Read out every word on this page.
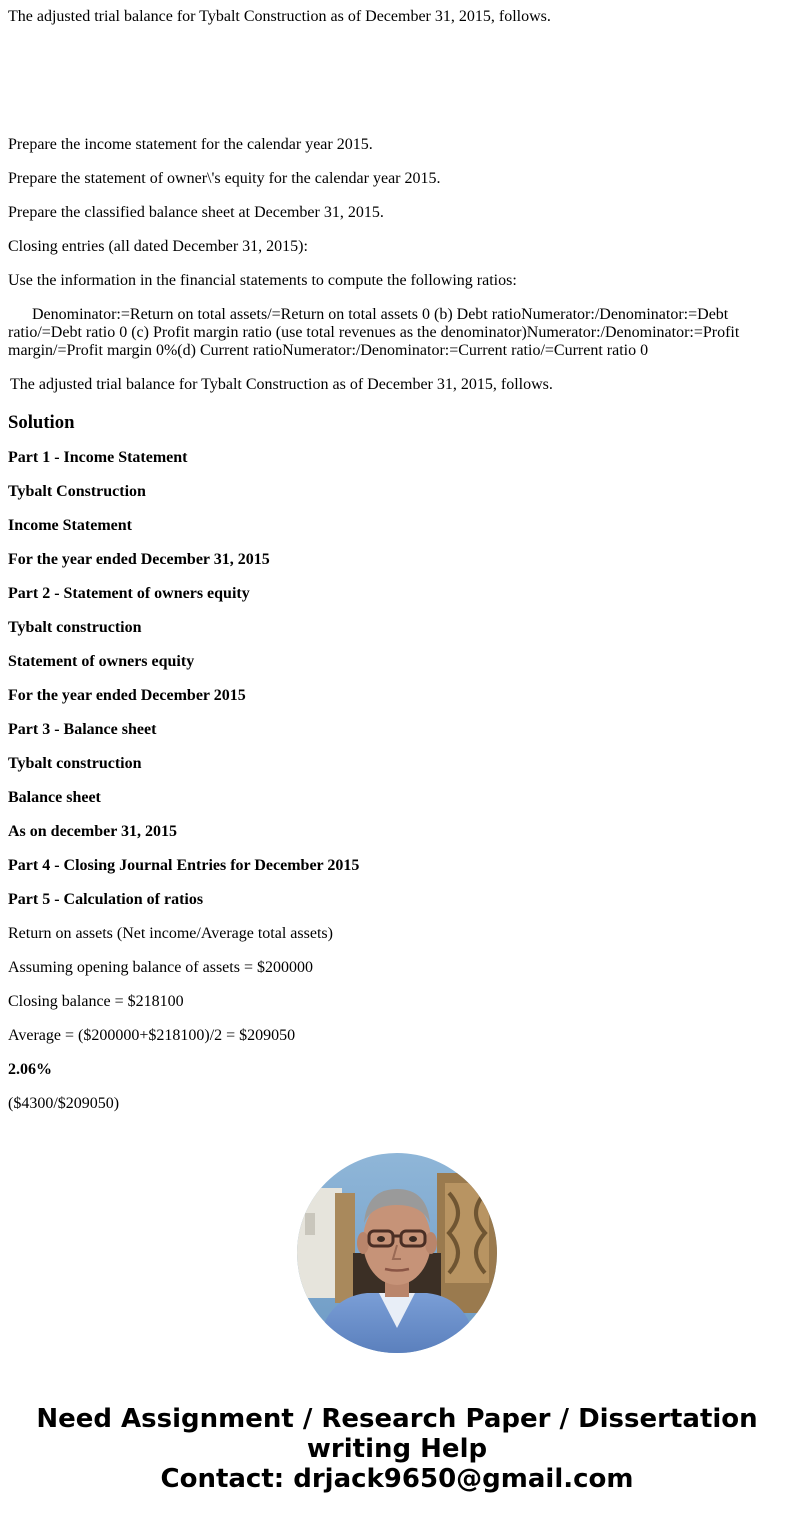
The adjusted trial balance for Tybalt Construction as of December 31, 2015, follows.

Prepare the income statement for the calendar year 2015.

Prepare the statement of owner\'s equity for the calendar year 2015.

Prepare the classified balance sheet at December 31, 2015.

Closing entries (all dated December 31, 2015):

Use the information in the financial statements to compute the following ratios:

Denominator:=Return on total assets/=Return on total assets 0 (b) Debt ratioNumerator:/Denominator:=Debt ratio/=Debt ratio 0 (c) Profit margin ratio (use total revenues as the denominator)Numerator:/Denominator:=Profit margin/=Profit margin 0%(d) Current ratioNumerator:/Denominator:=Current ratio/=Current ratio 0

The adjusted trial balance for Tybalt Construction as of December 31, 2015, follows.

Solution

Part 1 - Income Statement

Tybalt Construction

Income Statement

For the year ended December 31, 2015

Part 2 - Statement of owners equity

Tybalt construction

Statement of owners equity

For the year ended December 2015

Part 3 - Balance sheet

Tybalt construction

Balance sheet

As on december 31, 2015

Part 4 - Closing Journal Entries for December 2015

Part 5 - Calculation of ratios

Return on assets (Net income/Average total assets)

Assuming opening balance of assets = $200000

Closing balance = $218100

Average = ($200000+$218100)/2 = $209050

2.06%

($4300/$209050)

Need Assignment / Research Paper / Dissertation
writing Help
Contact: drjack9650@gmail.com
